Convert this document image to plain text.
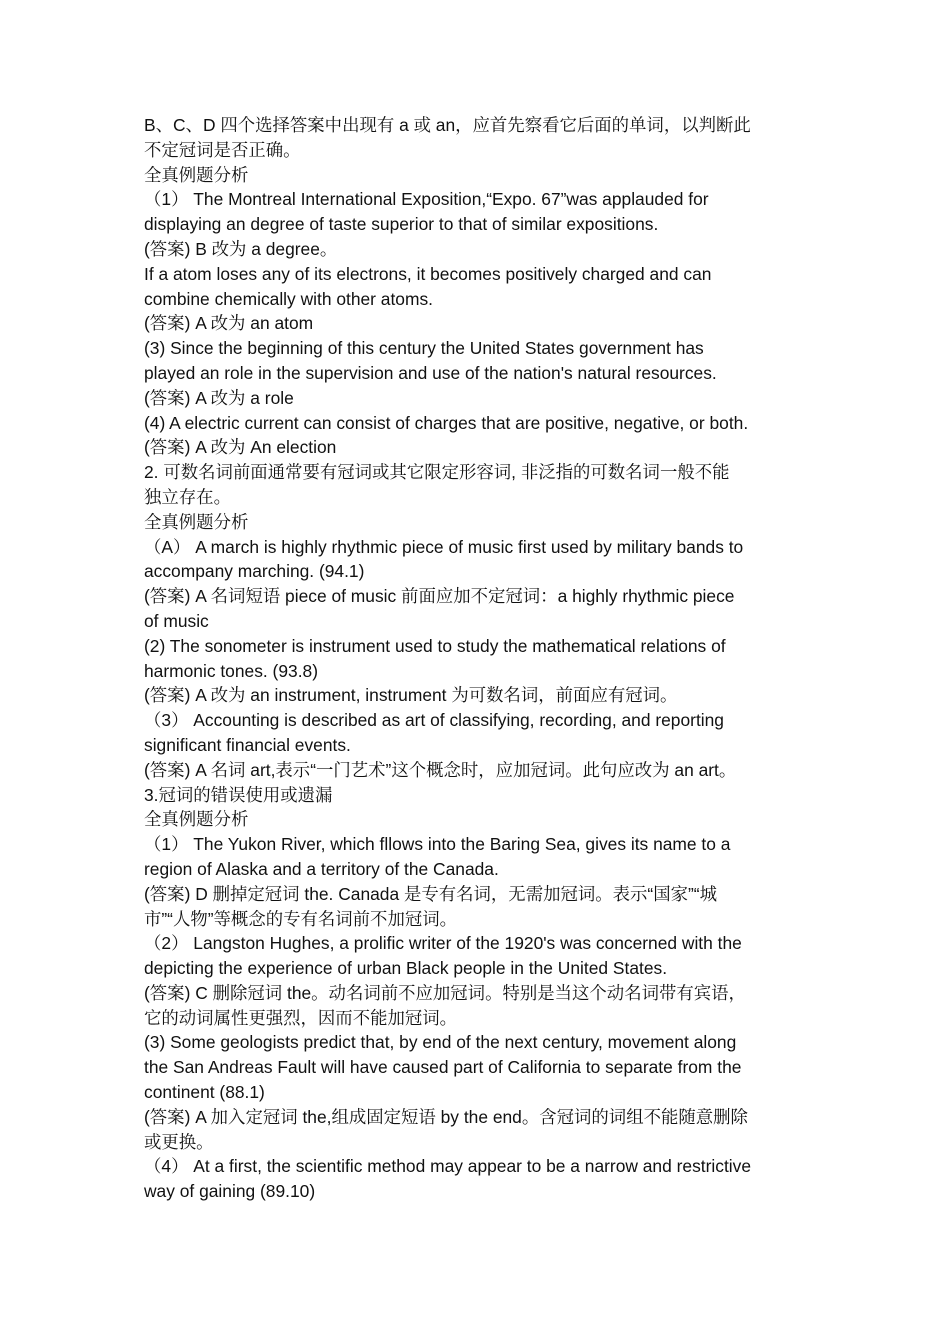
B、C、D 四个选择答案中出现有 a 或 an，应首先察看它后面的单词，以判断此
不定冠词是否正确。
全真例题分析
（1） The Montreal International Exposition,“Expo. 67”was applauded for
displaying an degree of taste superior to that of similar expositions.
(答案) B 改为 a degree。
If a atom loses any of its electrons, it becomes positively charged and can
combine chemically with other atoms.
(答案) A 改为 an atom
(3) Since the beginning of this century the United States government has
played an role in the supervision and use of the nation's natural resources.
(答案) A 改为 a role
(4) A electric current can consist of charges that are positive, negative, or both.
(答案) A 改为 An election
2. 可数名词前面通常要有冠词或其它限定形容词, 非泛指的可数名词一般不能
独立存在。
全真例题分析
（A） A march is highly rhythmic piece of music first used by military bands to
accompany marching. (94.1)
(答案) A 名词短语 piece of music 前面应加不定冠词：a highly rhythmic piece
of music
(2) The sonometer is instrument used to study the mathematical relations of
harmonic tones. (93.8)
(答案) A 改为 an instrument, instrument 为可数名词，前面应有冠词。
（3） Accounting is described as art of classifying, recording, and reporting
significant financial events.
(答案) A 名词 art,表示“一门艺术”这个概念时，应加冠词。此句应改为 an art。
3.冠词的错误使用或遗漏
全真例题分析
（1） The Yukon River, which fllows into the Baring Sea, gives its name to a
region of Alaska and a territory of the Canada.
(答案) D 删掉定冠词 the. Canada 是专有名词，无需加冠词。表示“国家”“城
市”“人物”等概念的专有名词前不加冠词。
（2） Langston Hughes, a prolific writer of the 1920's was concerned with the
depicting the experience of urban Black people in the United States.
(答案) C 删除冠词 the。动名词前不应加冠词。特别是当这个动名词带有宾语，
它的动词属性更强烈，因而不能加冠词。
(3) Some geologists predict that, by end of the next century, movement along
the San Andreas Fault will have caused part of California to separate from the
continent (88.1)
(答案) A 加入定冠词 the,组成固定短语 by the end。含冠词的词组不能随意删除
或更换。
（4） At a first, the scientific method may appear to be a narrow and restrictive
way of gaining (89.10)
